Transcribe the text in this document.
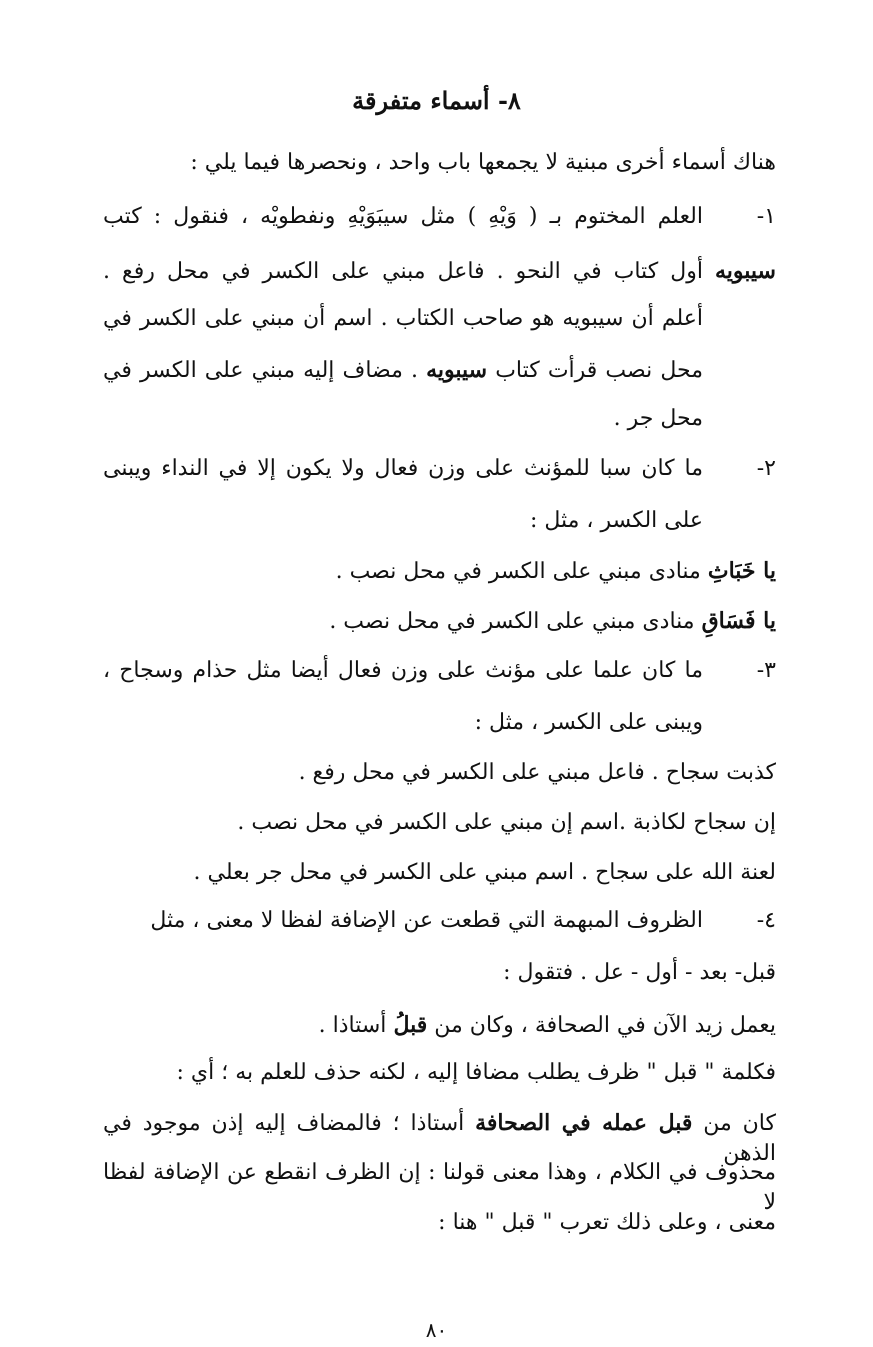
٨- أسماء متفرقة
هناك أسماء أخرى مبنية لا يجمعها باب واحد ، ونحصرها فيما يلي :
١-
العلم المختوم بـ ( وَيْهِ ) مثل سيبَوَيْهِ ونفطويْه ، فنقول : كتب
سيبويه أول كتاب في النحو . فاعل مبني على الكسر في محل رفع .
أعلم أن سيبويه هو صاحب الكتاب . اسم أن مبني على الكسر في
محل نصب قرأت كتاب سيبويه . مضاف إليه مبني على الكسر في
محل جر .
٢-
ما كان سبا للمؤنث على وزن فعال ولا يكون إلا في النداء ويبنى
على الكسر ، مثل :
يا خَبَاثِ منادى مبني على الكسر في محل نصب .
يا فَسَاقِ منادى مبني على الكسر في محل نصب .
٣-
ما كان علما على مؤنث على وزن فعال أيضا مثل حذام وسجاح ،
ويبنى على الكسر ، مثل :
كذبت سجاح . فاعل مبني على الكسر في محل رفع .
إن سجاح لكاذبة .اسم إن مبني على الكسر في محل نصب .
لعنة الله على سجاح . اسم مبني على الكسر في محل جر بعلي .
٤-
الظروف المبهمة التي قطعت عن الإضافة لفظا لا معنى ، مثل
قبل- بعد - أول - عل . فتقول :
يعمل زيد الآن في الصحافة ، وكان من قبلُ أستاذا .
فكلمة " قبل " ظرف يطلب مضافا إليه ، لكنه حذف للعلم به ؛ أي :
كان من قبل عمله في الصحافة أستاذا ؛ فالمضاف إليه إذن موجود في الذهن
محذوف في الكلام ، وهذا معنى قولنا : إن الظرف انقطع عن الإضافة لفظا لا
معنى ، وعلى ذلك تعرب " قبل " هنا :
٨٠
